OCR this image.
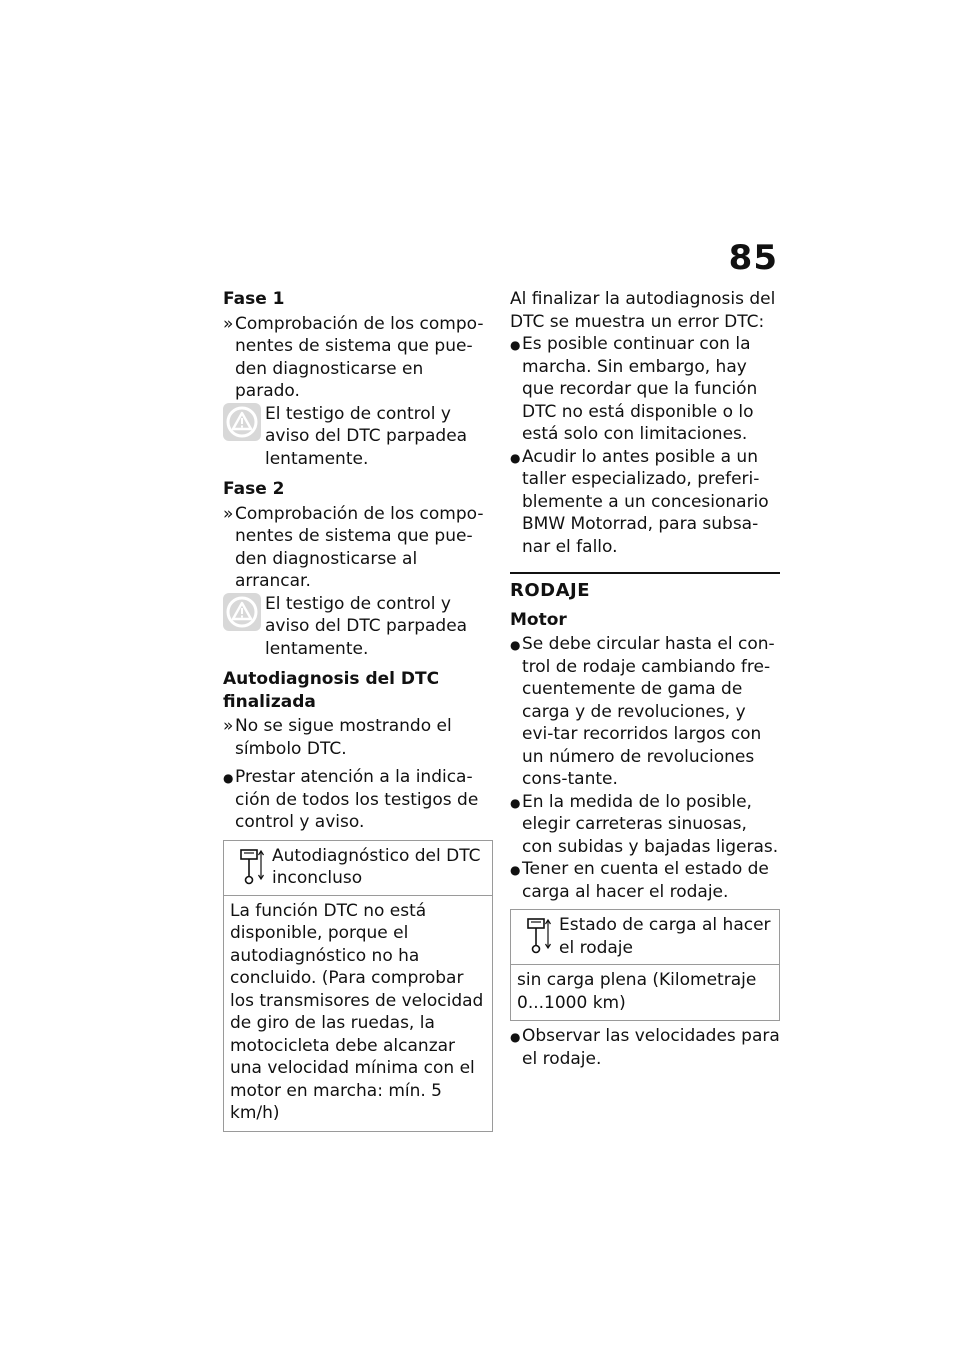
85

Fase 1

» Comprobación de los compo-nentes de sistema que pue-den diagnosticarse en parado.
El testigo de control y aviso del DTC parpadea lentamente.

Fase 2

» Comprobación de los compo-nentes de sistema que pue-den diagnosticarse al arrancar.
El testigo de control y aviso del DTC parpadea lentamente.

Autodiagnosis del DTC finalizada

» No se sigue mostrando el símbolo DTC.
● Prestar atención a la indica-ción de todos los testigos de control y aviso.
Autodiagnóstico del DTC inconcluso
La función DTC no está disponible, porque el autodiagnóstico no ha concluido. (Para comprobar los transmisores de velocidad de giro de las ruedas, la motocicleta debe alcanzar una velocidad mínima con el motor en marcha: mín. 5 km/h)

Al finalizar la autodiagnosis del DTC se muestra un error DTC:

● Es posible continuar con la marcha. Sin embargo, hay que recordar que la función DTC no está disponible o lo está solo con limitaciones.
● Acudir lo antes posible a un taller especializado, preferi-blemente a un concesionario BMW Motorrad, para subsa-nar el fallo.

RODAJE

Motor

● Se debe circular hasta el con-trol de rodaje cambiando fre-cuentemente de gama de carga y de revoluciones, y evi-tar recorridos largos con un número de revoluciones cons-tante.
● En la medida de lo posible, elegir carreteras sinuosas, con subidas y bajadas ligeras.
● Tener en cuenta el estado de carga al hacer el rodaje.
Estado de carga al hacer el rodaje
sin carga plena (Kilometraje 0...1000 km)
● Observar las velocidades para el rodaje.
